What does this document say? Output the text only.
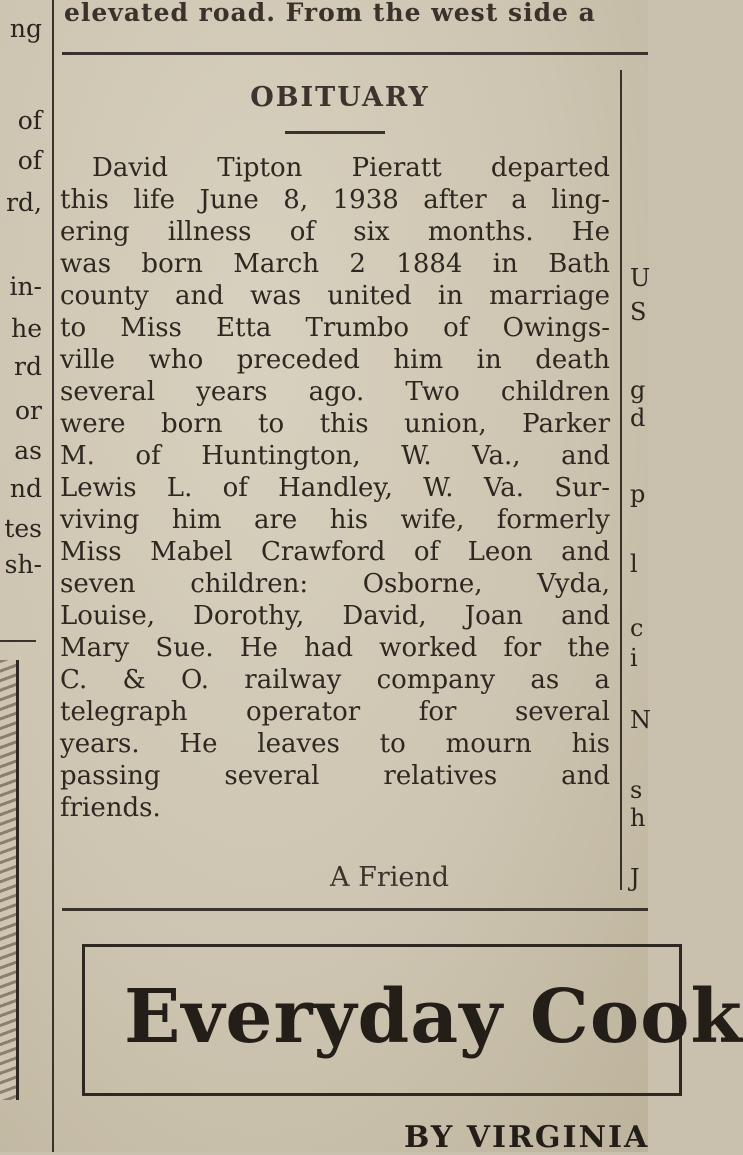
elevated road. From the west side a
ng
of
of
rd,
in-
he
rd
or
as
nd
tes
sh-
OBITUARY
David Tipton Pieratt departed
this life June 8, 1938 after a ling-
ering illness of six months. He
was born March 2 1884 in Bath
county and was united in marriage
to Miss Etta Trumbo of Owings-
ville who preceded him in death
several years ago. Two children
were born to this union, Parker
M. of Huntington, W. Va., and
Lewis L. of Handley, W. Va. Sur-
viving him are his wife, formerly
Miss Mabel Crawford of Leon and
seven children: Osborne, Vyda,
Louise, Dorothy, David, Joan and
Mary Sue. He had worked for the
C. & O. railway company as a
telegraph operator for several
years. He leaves to mourn his
passing several relatives and
friends.
A Friend
U
S
g
d
p
l
c
i
N
s
h
J
Everyday Cook
BY VIRGINIA
